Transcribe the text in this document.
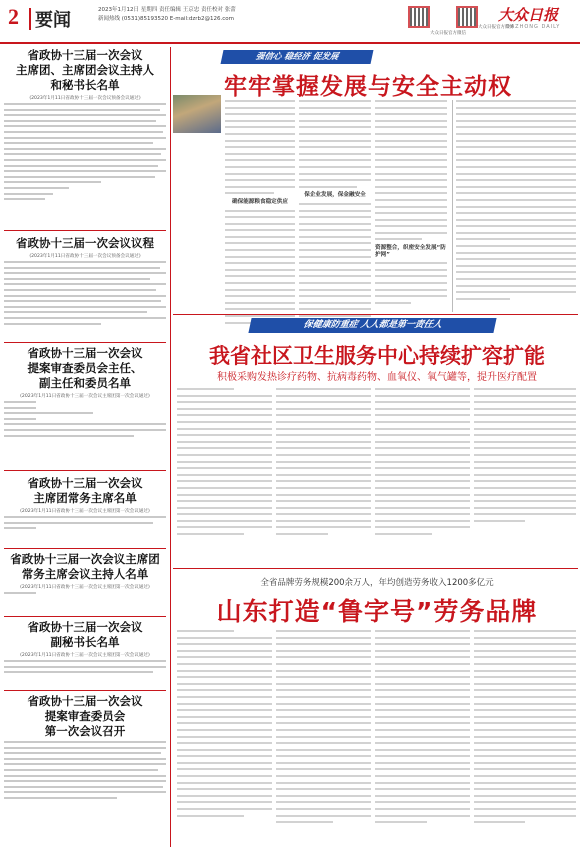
2 要闻	2023年1月12日 星期四 责任编辑 王京忠 责任校对 张蕾
新闻热线 (0531)85193520 E-mail:dzrb2@126.com
大众日报官方微信
大众日报官方微博
大众日报
DAZHONG DAILY
省政协十三届一次会议
主席团、主席团会议主持人
和秘书长名单
(2023年1月11日省政协十三届一次会议预备会议通过)
省政协十三届一次会议议程
(2023年1月11日省政协十三届一次会议预备会议通过)
省政协十三届一次会议
提案审查委员会主任、
副主任和委员名单
(2023年1月11日省政协十三届一次会议主席团第一次会议通过)
省政协十三届一次会议
主席团常务主席名单
(2023年1月11日省政协十三届一次会议主席团第一次会议通过)
省政协十三届一次会议主席团
常务主席会议主持人名单
(2023年1月11日省政协十三届一次会议主席团第一次会议通过)
省政协十三届一次会议
副秘书长名单
(2023年1月11日省政协十三届一次会议主席团第一次会议通过)
省政协十三届一次会议
提案审查委员会
第一次会议召开
强信心 稳经济 促发展
牢牢掌握发展与安全主动权
确保能源粮食稳定供应
保企业发展，保金融安全
资源整合，织密安全发展“防护网”
保健康防重症 人人都是第一责任人
我省社区卫生服务中心持续扩容扩能
积极采购发热诊疗药物、抗病毒药物、血氧仪、氧气罐等，提升医疗配置
全省品牌劳务规模200余万人，年均创造劳务收入1200多亿元
山东打造“鲁字号”劳务品牌
